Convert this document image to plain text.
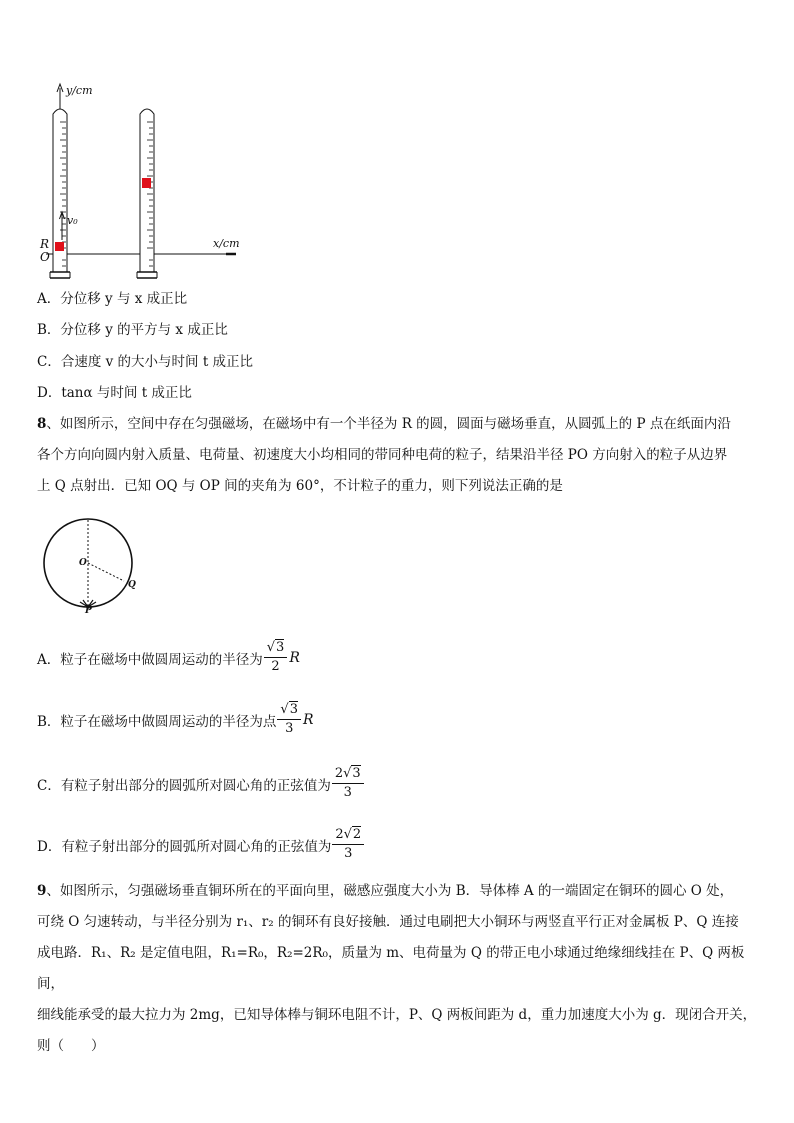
y/cm
x/cm
v₀
R
O
A．分位移 y 与 x 成正比
B．分位移 y 的平方与 x 成正比
C．合速度 v 的大小与时间 t 成正比
D．tanα 与时间 t 成正比
8、如图所示，空间中存在匀强磁场，在磁场中有一个半径为 R 的圆，圆面与磁场垂直，从圆弧上的 P 点在纸面内沿
各个方向向圆内射入质量、电荷量、初速度大小均相同的带同种电荷的粒子，结果沿半径 PO 方向射入的粒子从边界
上 Q 点射出．已知 OQ 与 OP 间的夹角为 60°，不计粒子的重力，则下列说法正确的是
O
Q
P
A．粒子在磁场中做圆周运动的半径为 $\frac{√3}{2}$ R
B．粒子在磁场中做圆周运动的半径为点 $\frac{√3}{3}$ R
C．有粒子射出部分的圆弧所对圆心角的正弦值为 $\frac{2√3}{3}$
D．有粒子射出部分的圆弧所对圆心角的正弦值为 $\frac{2√2}{3}$
9、如图所示，匀强磁场垂直铜环所在的平面向里，磁感应强度大小为 B．导体棒 A 的一端固定在铜环的圆心 O 处，
可绕 O 匀速转动，与半径分别为 r₁、r₂ 的铜环有良好接触．通过电刷把大小铜环与两竖直平行正对金属板 P、Q 连接
成电路．R₁、R₂ 是定值电阻，R₁=R₀，R₂=2R₀，质量为 m、电荷量为 Q 的带正电小球通过绝缘细线挂在 P、Q 两板间，
细线能承受的最大拉力为 2mg，已知导体棒与铜环电阻不计，P、Q 两板间距为 d，重力加速度大小为 g．现闭合开关，
则（　　）
